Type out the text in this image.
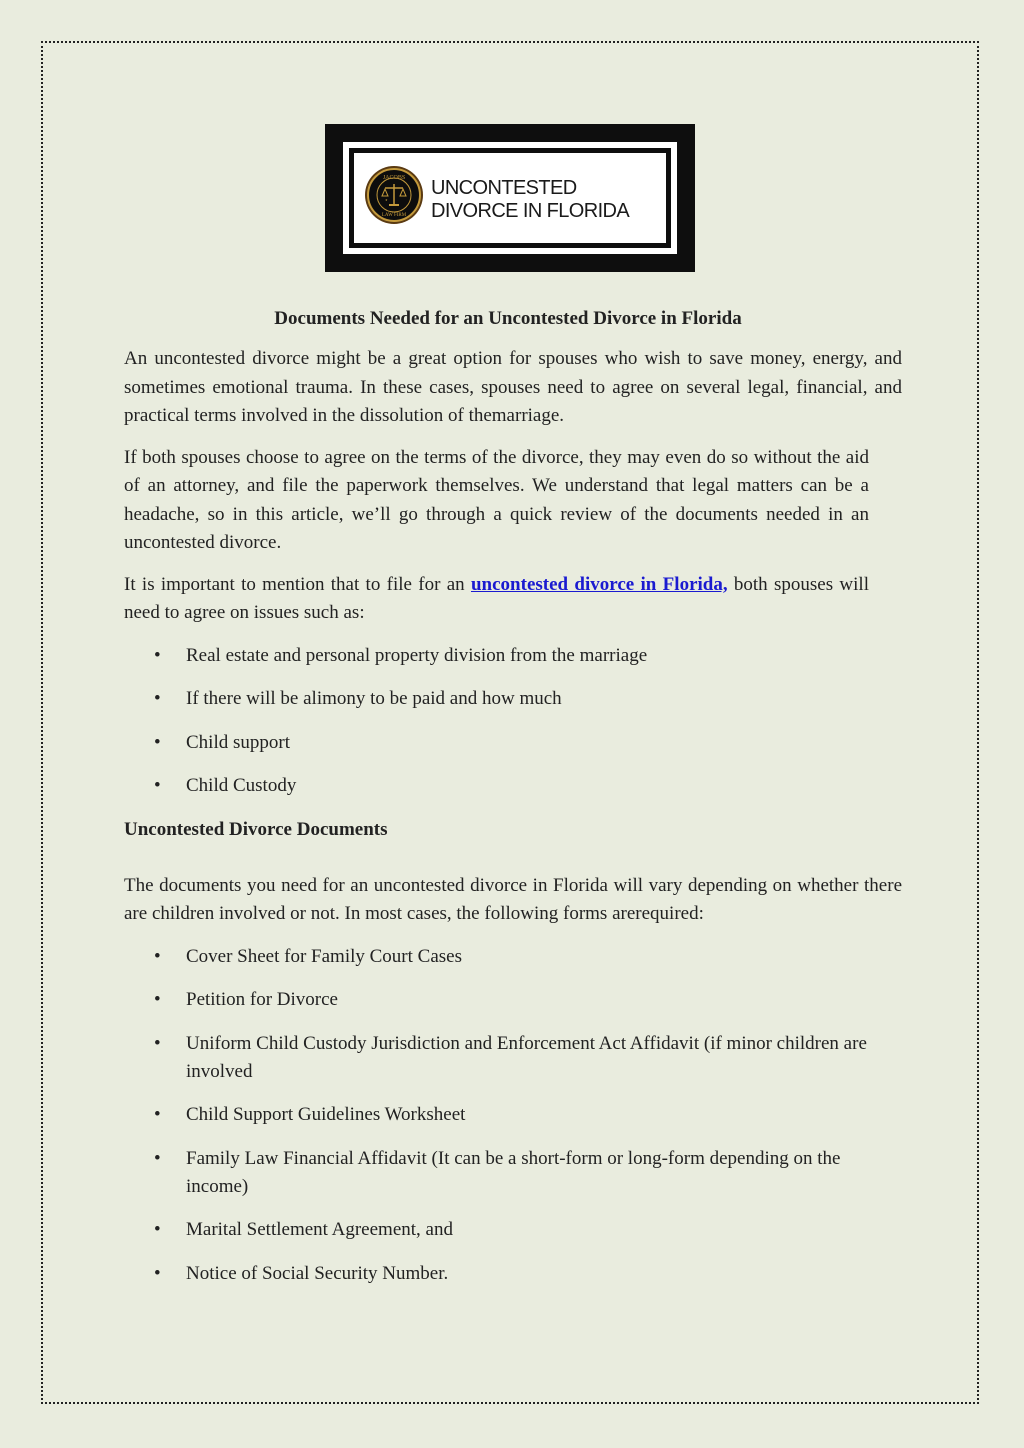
JACOBS
LAW FIRM
★
UNCONTESTED
DIVORCE IN FLORIDA
Documents Needed for an Uncontested Divorce in Florida

An uncontested divorce might be a great option for spouses who wish to save money, energy, and sometimes emotional trauma. In these cases, spouses need to agree on several legal, financial, and practical terms involved in the dissolution of themarriage.

If both spouses choose to agree on the terms of the divorce, they may even do so without the aid of an attorney, and file the paperwork themselves. We understand that legal matters can be a headache, so in this article, we’ll go through a quick review of the documents needed in an uncontested divorce.

It is important to mention that to file for an uncontested divorce in Florida, both spouses will need to agree on issues such as:

• Real estate and personal property division from the marriage
• If there will be alimony to be paid and how much
• Child support
• Child Custody
Uncontested Divorce Documents

The documents you need for an uncontested divorce in Florida will vary depending on whether there are children involved or not. In most cases, the following forms arerequired:

• Cover Sheet for Family Court Cases
• Petition for Divorce
• Uniform Child Custody Jurisdiction and Enforcement Act Affidavit (if minor children are involved
• Child Support Guidelines Worksheet
• Family Law Financial Affidavit (It can be a short-form or long-form depending on the income)
• Marital Settlement Agreement, and
• Notice of Social Security Number.
